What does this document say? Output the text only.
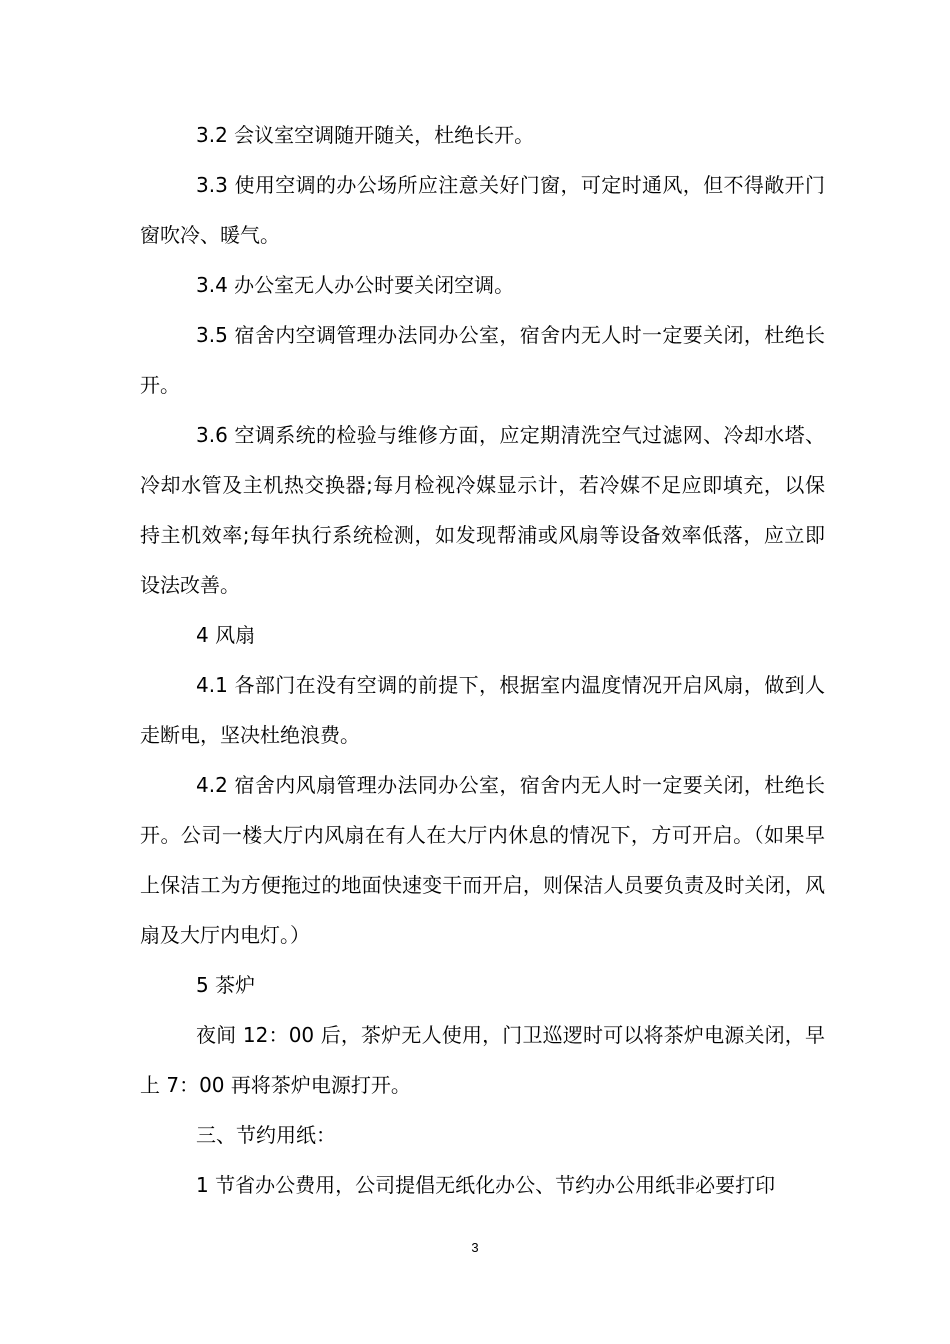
3.2 会议室空调随开随关，杜绝长开。

3.3 使用空调的办公场所应注意关好门窗，可定时通风，但不得敞开门窗吹冷、暖气。

3.4 办公室无人办公时要关闭空调。

3.5 宿舍内空调管理办法同办公室，宿舍内无人时一定要关闭，杜绝长开。

3.6 空调系统的检验与维修方面，应定期清洗空气过滤网、冷却水塔、冷却水管及主机热交换器;每月检视冷媒显示计，若冷媒不足应即填充，以保持主机效率;每年执行系统检测，如发现帮浦或风扇等设备效率低落，应立即设法改善。

4 风扇

4.1 各部门在没有空调的前提下，根据室内温度情况开启风扇，做到人走断电，坚决杜绝浪费。

4.2 宿舍内风扇管理办法同办公室，宿舍内无人时一定要关闭，杜绝长开。公司一楼大厅内风扇在有人在大厅内休息的情况下，方可开启。（如果早上保洁工为方便拖过的地面快速变干而开启，则保洁人员要负责及时关闭，风扇及大厅内电灯。）

5 茶炉

夜间 12：00 后，茶炉无人使用，门卫巡逻时可以将茶炉电源关闭，早上 7：00 再将茶炉电源打开。

三、节约用纸：

1 节省办公费用，公司提倡无纸化办公、节约办公用纸非必要打印

3
